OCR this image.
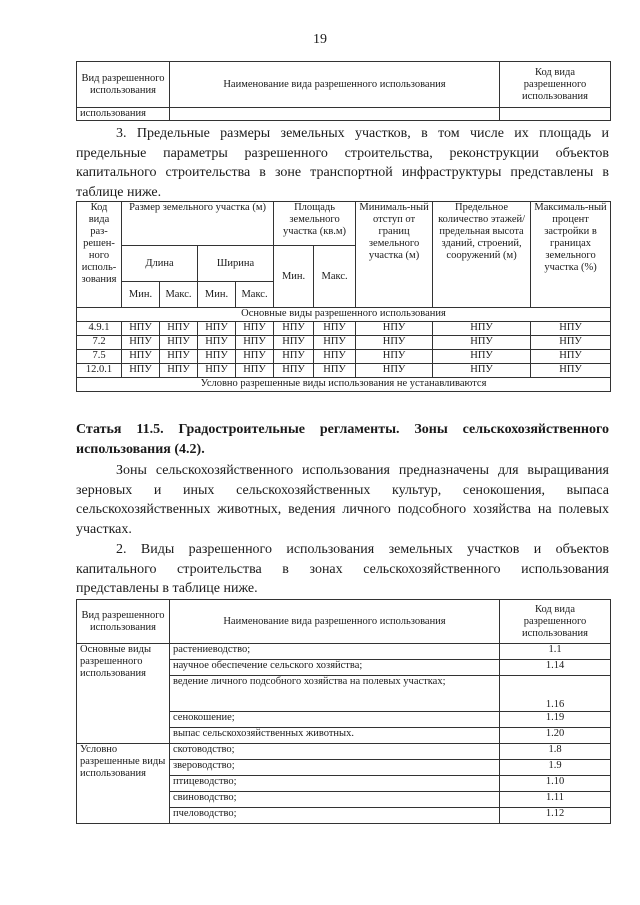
19
Вид разрешенного использования	Наименование вида разрешенного использования	Код вида разрешенного использования
использования		

3. Предельные размеры земельных участков, в том числе их площадь и предельные параметры разрешенного строительства, реконструкции объектов капитального строительства в зоне транспортной инфраструктуры представлены в таблице ниже.

Код вида раз-решен-ного исполь-зования	Размер земельного участка (м)				Площадь земельного участка (кв.м)		Минималь-ный отступ от границ земельного участка (м)	Предельное количество этажей/ предельная высота зданий, строений, сооружений (м)	Максималь-ный процент застройки в границах земельного участка (%)
	Длина		Ширина		Мин.	Макс.			
	Мин.	Макс.	Мин.	Макс.					
Основные виды разрешенного использования									
4.9.1	НПУ	НПУ	НПУ	НПУ	НПУ	НПУ	НПУ	НПУ	НПУ
7.2	НПУ	НПУ	НПУ	НПУ	НПУ	НПУ	НПУ	НПУ	НПУ
7.5	НПУ	НПУ	НПУ	НПУ	НПУ	НПУ	НПУ	НПУ	НПУ
12.0.1	НПУ	НПУ	НПУ	НПУ	НПУ	НПУ	НПУ	НПУ	НПУ
Условно разрешенные виды использования не устанавливаются									

Статья 11.5. Градостроительные регламенты. Зоны сельскохозяйственного использования (4.2).

Зоны сельскохозяйственного использования предназначены для выращивания зерновых и иных сельскохозяйственных культур, сенокошения, выпаса сельскохозяйственных животных, ведения личного подсобного хозяйства на полевых участках.

2. Виды разрешенного использования земельных участков и объектов капитального строительства в зонах сельскохозяйственного использования представлены в таблице ниже.

Вид разрешенного использования	Наименование вида разрешенного использования	Код вида разрешенного использования
Основные виды разрешенного использования	растениеводство;	1.1
	научное обеспечение сельского хозяйства;	1.14
	ведение личного подсобного хозяйства на полевых участках;	1.16
	сенокошение;	1.19
	выпас сельскохозяйственных животных.	1.20
Условно разрешенные виды использования	скотоводство;	1.8
	звероводство;	1.9
	птицеводство;	1.10
	свиноводство;	1.11
	пчеловодство;	1.12
